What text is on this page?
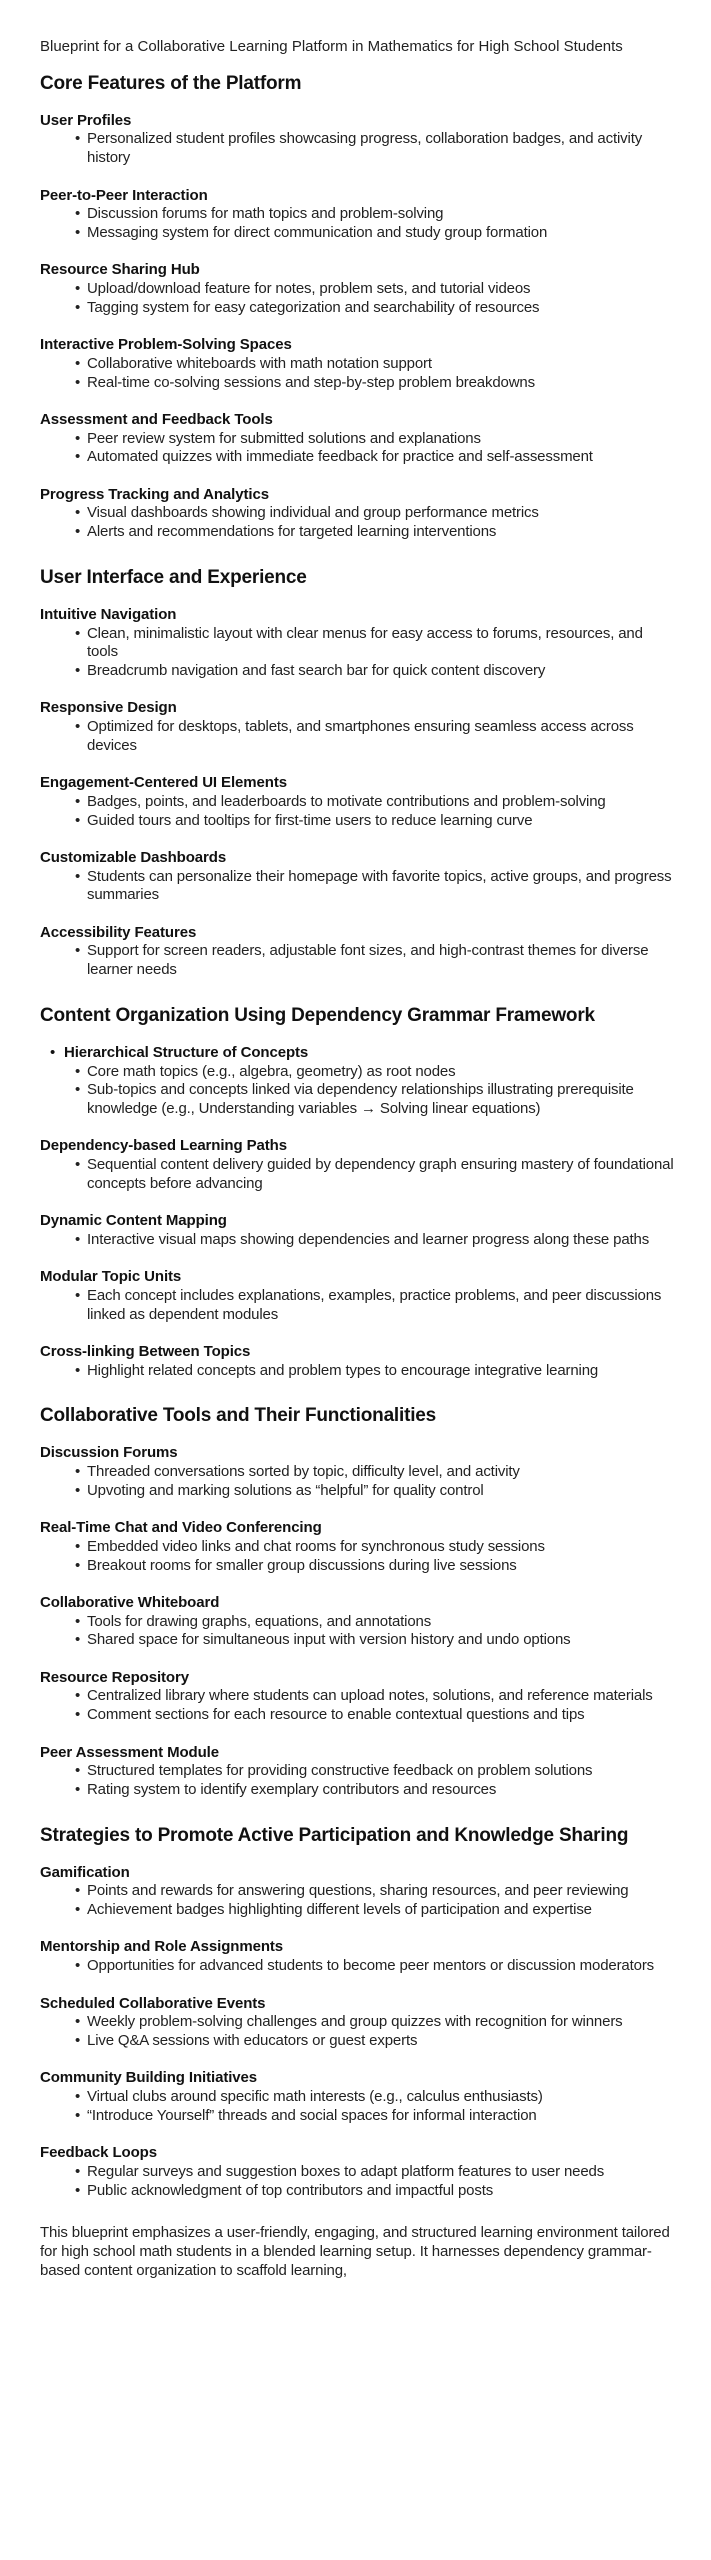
Blueprint for a Collaborative Learning Platform in Mathematics for High School Students

Core Features of the Platform
User Profiles
• Personalized student profiles showcasing progress, collaboration badges, and activity history
Peer-to-Peer Interaction
• Discussion forums for math topics and problem-solving
• Messaging system for direct communication and study group formation
Resource Sharing Hub
• Upload/download feature for notes, problem sets, and tutorial videos
• Tagging system for easy categorization and searchability of resources
Interactive Problem-Solving Spaces
• Collaborative whiteboards with math notation support
• Real-time co-solving sessions and step-by-step problem breakdowns
Assessment and Feedback Tools
• Peer review system for submitted solutions and explanations
• Automated quizzes with immediate feedback for practice and self-assessment
Progress Tracking and Analytics
• Visual dashboards showing individual and group performance metrics
• Alerts and recommendations for targeted learning interventions
User Interface and Experience
Intuitive Navigation
• Clean, minimalistic layout with clear menus for easy access to forums, resources, and tools
• Breadcrumb navigation and fast search bar for quick content discovery
Responsive Design
• Optimized for desktops, tablets, and smartphones ensuring seamless access across devices
Engagement-Centered UI Elements
• Badges, points, and leaderboards to motivate contributions and problem-solving
• Guided tours and tooltips for first-time users to reduce learning curve
Customizable Dashboards
• Students can personalize their homepage with favorite topics, active groups, and progress summaries
Accessibility Features
• Support for screen readers, adjustable font sizes, and high-contrast themes for diverse learner needs
Content Organization Using Dependency Grammar Framework
• Hierarchical Structure of Concepts
• Core math topics (e.g., algebra, geometry) as root nodes
• Sub-topics and concepts linked via dependency relationships illustrating prerequisite knowledge (e.g., Understanding variables → Solving linear equations)
Dependency-based Learning Paths
• Sequential content delivery guided by dependency graph ensuring mastery of foundational concepts before advancing
Dynamic Content Mapping
• Interactive visual maps showing dependencies and learner progress along these paths
Modular Topic Units
• Each concept includes explanations, examples, practice problems, and peer discussions linked as dependent modules
Cross-linking Between Topics
• Highlight related concepts and problem types to encourage integrative learning
Collaborative Tools and Their Functionalities
Discussion Forums
• Threaded conversations sorted by topic, difficulty level, and activity
• Upvoting and marking solutions as “helpful” for quality control
Real-Time Chat and Video Conferencing
• Embedded video links and chat rooms for synchronous study sessions
• Breakout rooms for smaller group discussions during live sessions
Collaborative Whiteboard
• Tools for drawing graphs, equations, and annotations
• Shared space for simultaneous input with version history and undo options
Resource Repository
• Centralized library where students can upload notes, solutions, and reference materials
• Comment sections for each resource to enable contextual questions and tips
Peer Assessment Module
• Structured templates for providing constructive feedback on problem solutions
• Rating system to identify exemplary contributors and resources
Strategies to Promote Active Participation and Knowledge Sharing
Gamification
• Points and rewards for answering questions, sharing resources, and peer reviewing
• Achievement badges highlighting different levels of participation and expertise
Mentorship and Role Assignments
• Opportunities for advanced students to become peer mentors or discussion moderators
Scheduled Collaborative Events
• Weekly problem-solving challenges and group quizzes with recognition for winners
• Live Q&A sessions with educators or guest experts
Community Building Initiatives
• Virtual clubs around specific math interests (e.g., calculus enthusiasts)
• “Introduce Yourself” threads and social spaces for informal interaction
Feedback Loops
• Regular surveys and suggestion boxes to adapt platform features to user needs
• Public acknowledgment of top contributors and impactful posts

This blueprint emphasizes a user-friendly, engaging, and structured learning environment tailored for high school math students in a blended learning setup. It harnesses dependency grammar-based content organization to scaffold learning,
